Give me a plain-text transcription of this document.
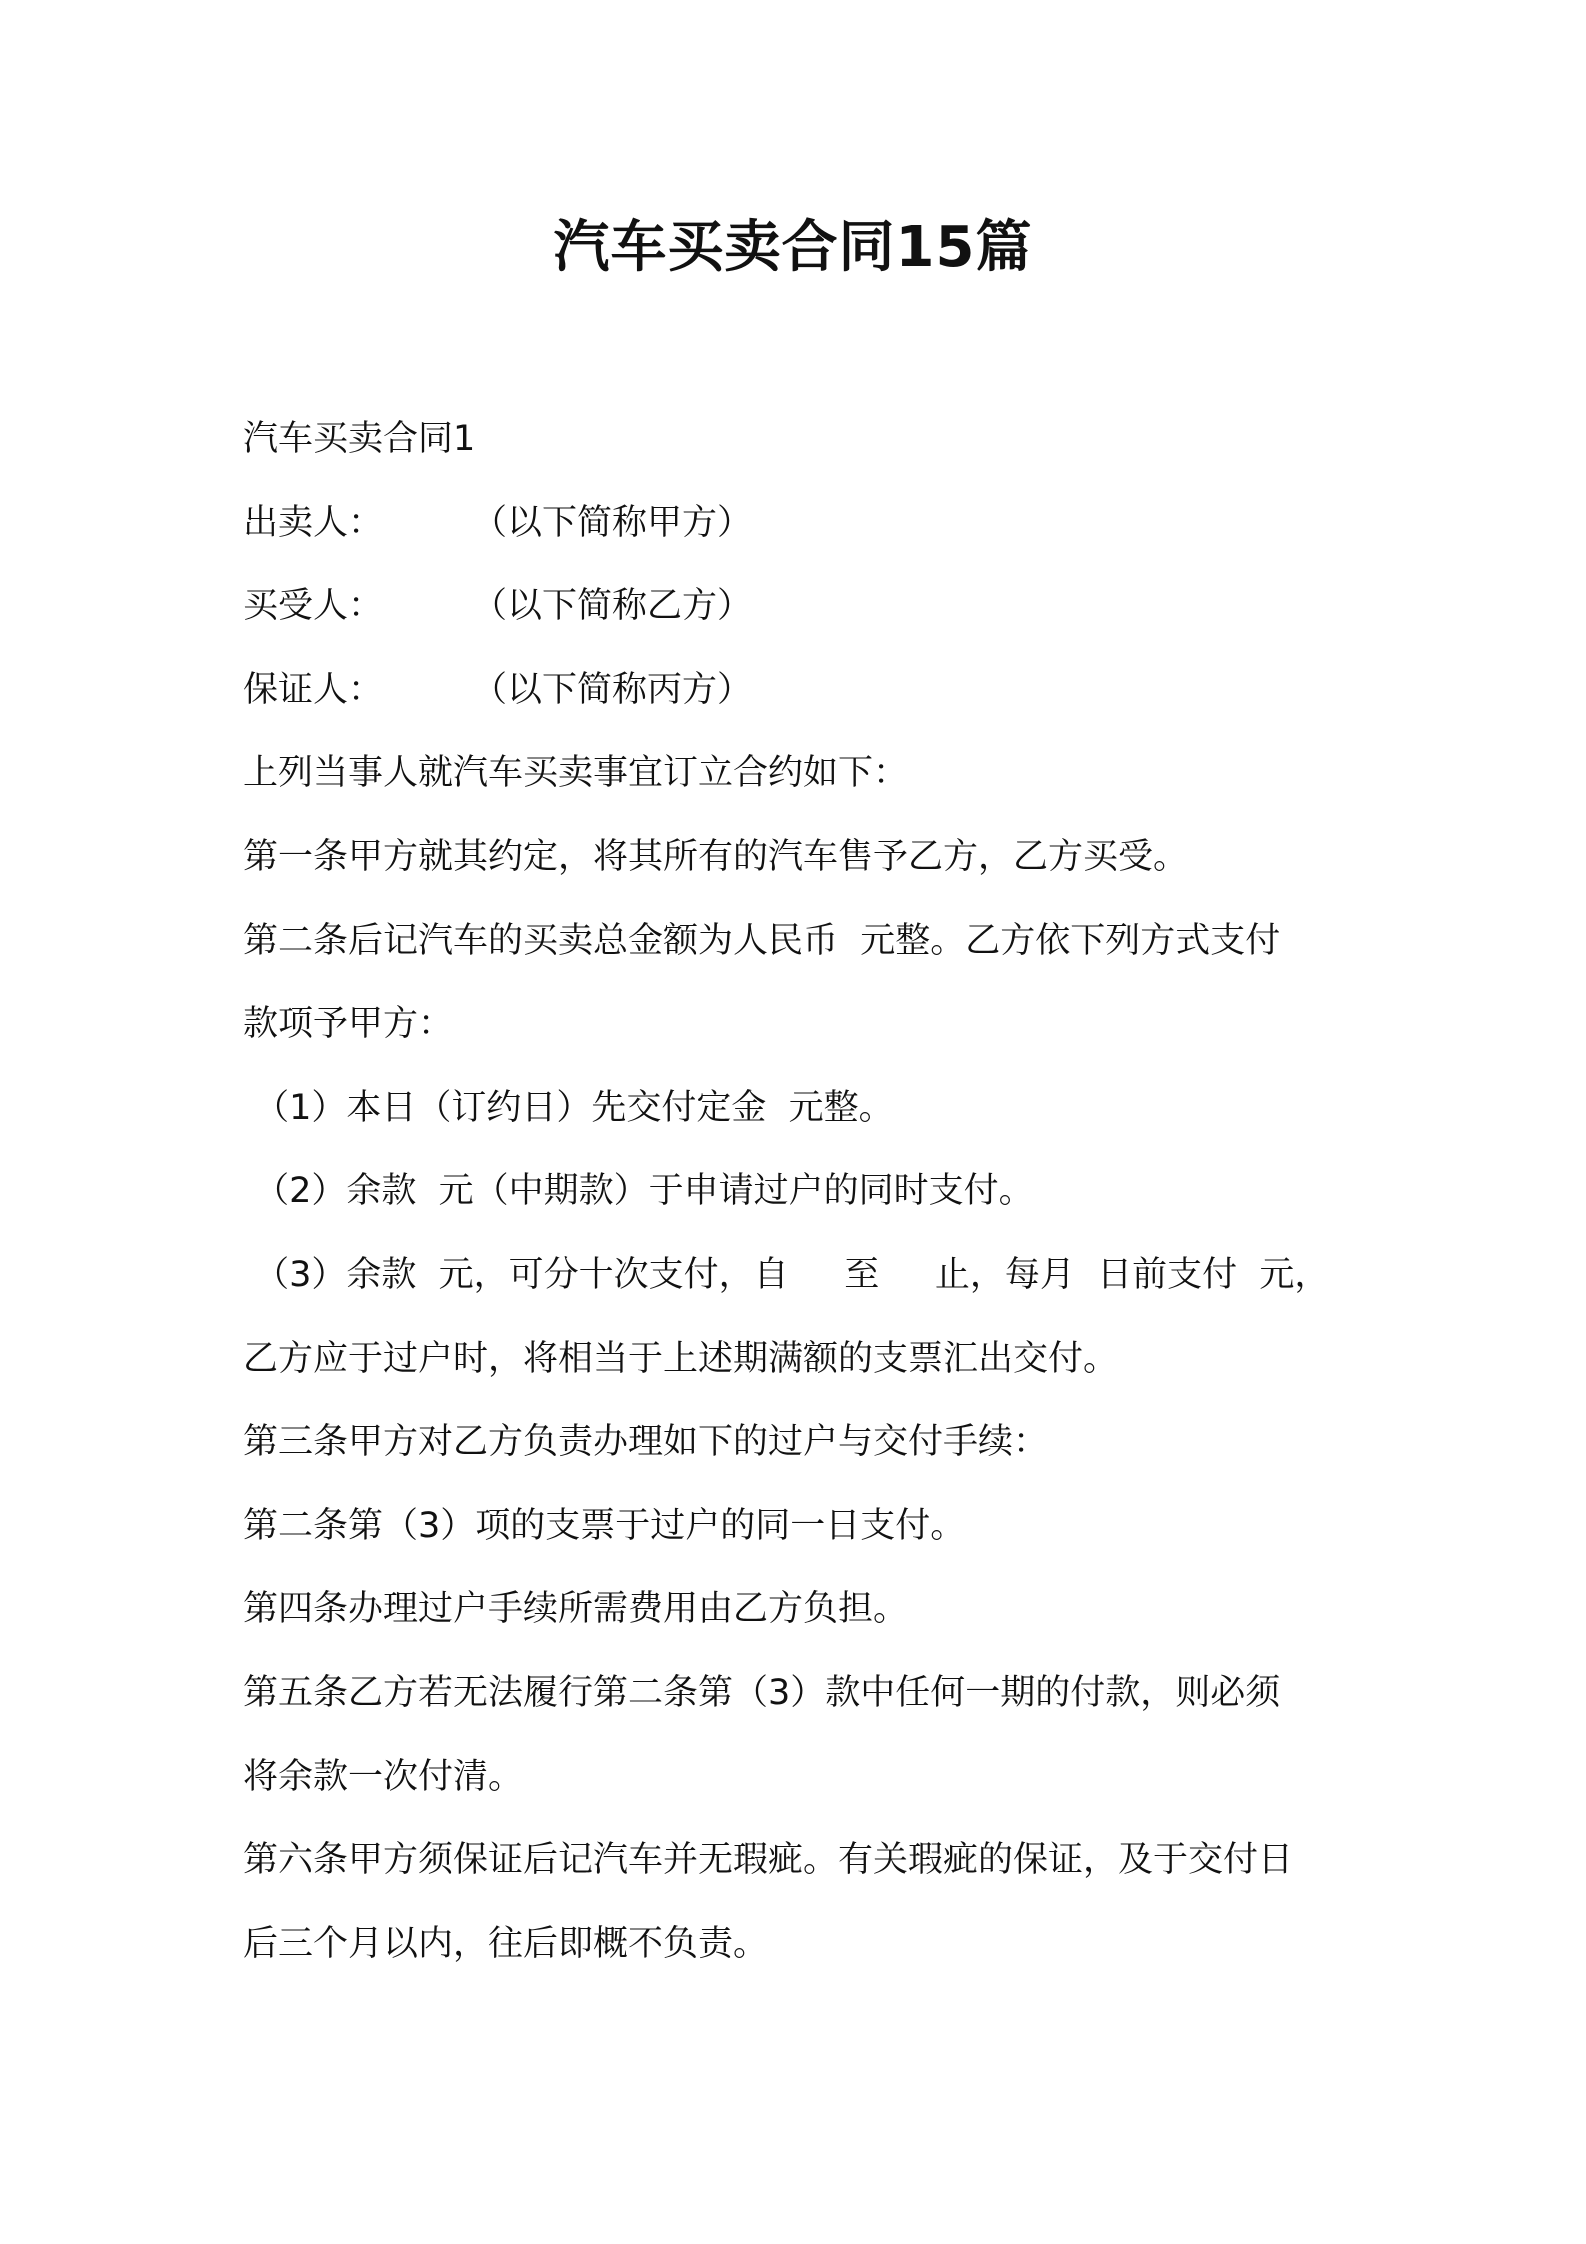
汽车买卖合同15篇

汽车买卖合同1

出卖人：        （以下简称甲方）

买受人：        （以下简称乙方）

保证人：        （以下简称丙方）

上列当事人就汽车买卖事宜订立合约如下：

第一条甲方就其约定，将其所有的汽车售予乙方，乙方买受。

第二条后记汽车的买卖总金额为人民币  元整。乙方依下列方式支付

款项予甲方：

（1）本日（订约日）先交付定金  元整。

（2）余款  元（中期款）于申请过户的同时支付。

（3）余款  元，可分十次支付，自     至     止，每月  日前支付  元，

乙方应于过户时，将相当于上述期满额的支票汇出交付。

第三条甲方对乙方负责办理如下的过户与交付手续：

第二条第（3）项的支票于过户的同一日支付。

第四条办理过户手续所需费用由乙方负担。

第五条乙方若无法履行第二条第（3）款中任何一期的付款，则必须

将余款一次付清。

第六条甲方须保证后记汽车并无瑕疵。有关瑕疵的保证，及于交付日

后三个月以内，往后即概不负责。
